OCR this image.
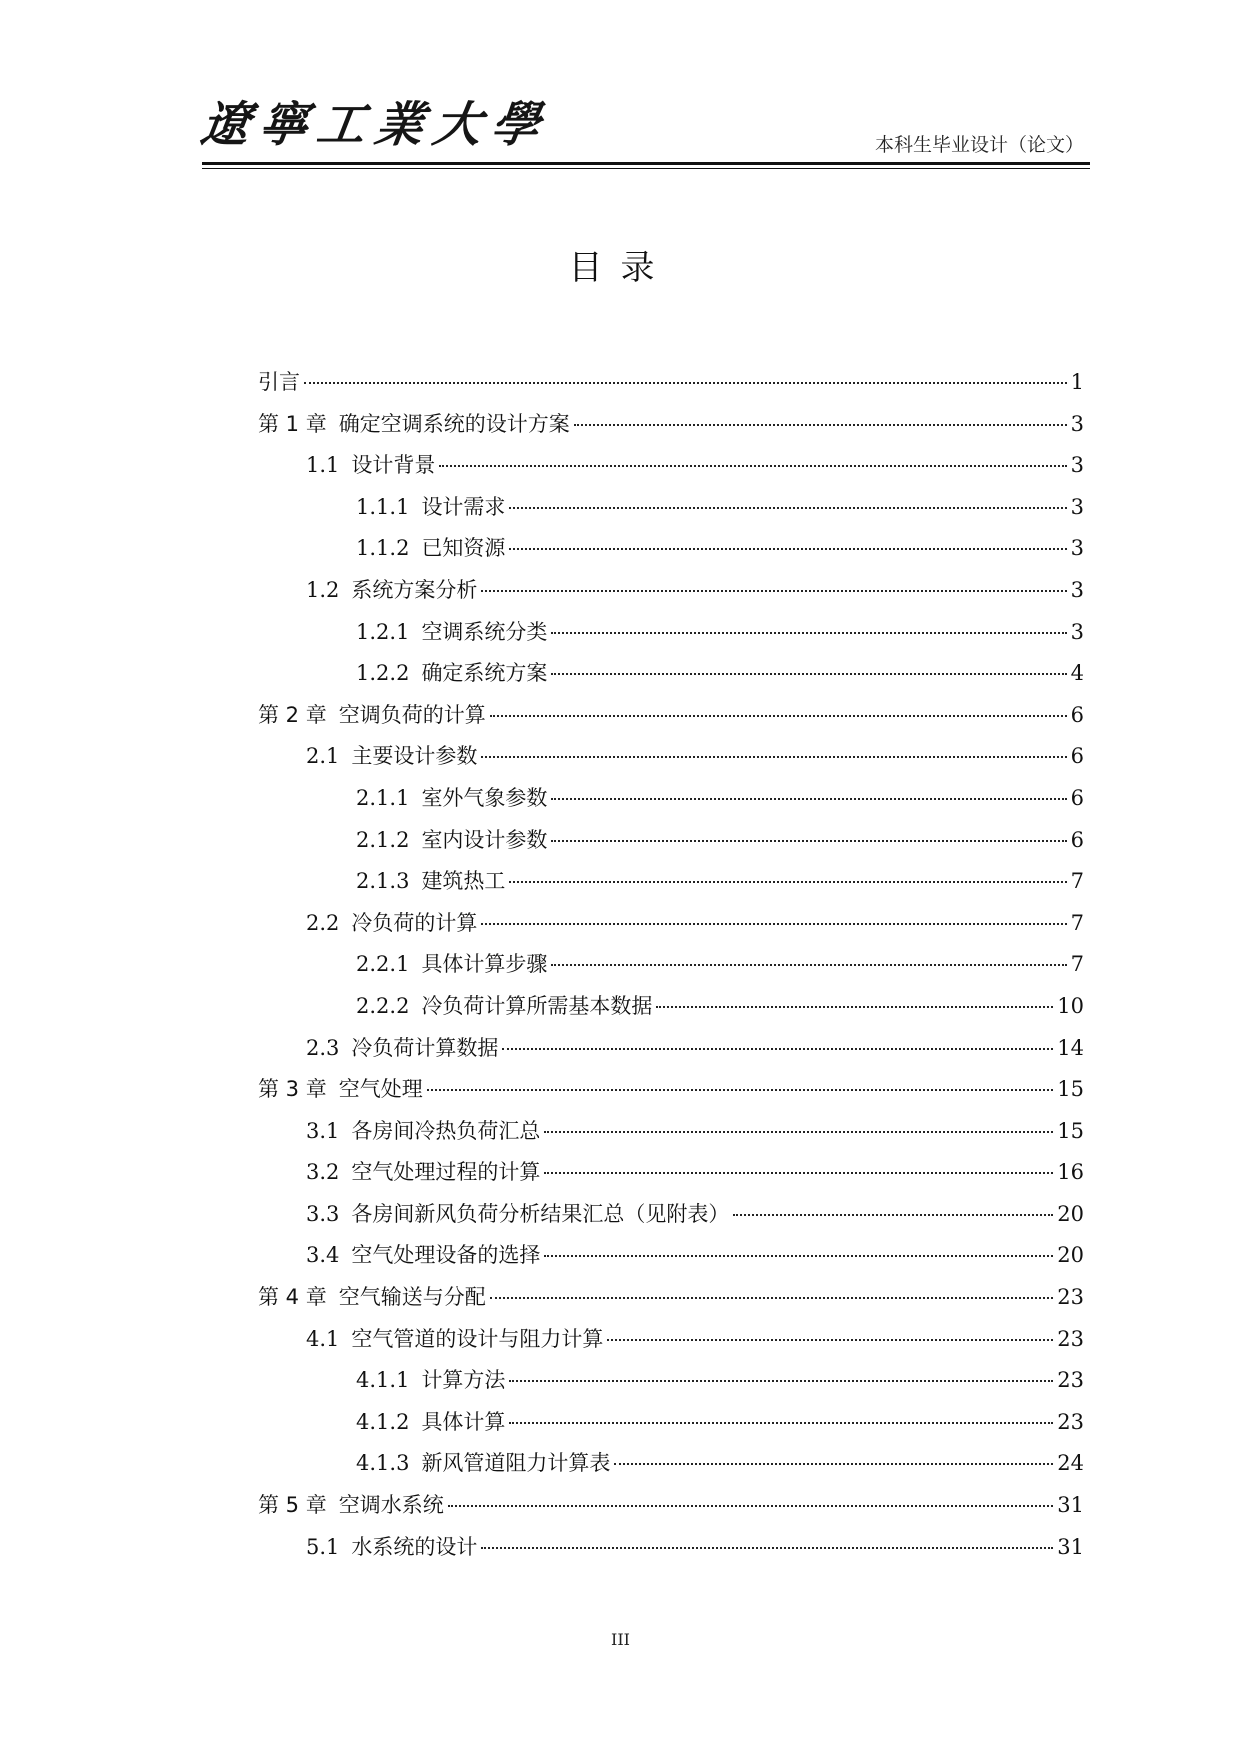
遼寧工業大學	本科生毕业设计（论文）
目录
引言	1
第 1 章 确定空调系统的设计方案	3
1.1 设计背景	3
1.1.1 设计需求	3
1.1.2 已知资源	3
1.2 系统方案分析	3
1.2.1 空调系统分类	3
1.2.2 确定系统方案	4
第 2 章 空调负荷的计算	6
2.1 主要设计参数	6
2.1.1 室外气象参数	6
2.1.2 室内设计参数	6
2.1.3 建筑热工	7
2.2 冷负荷的计算	7
2.2.1 具体计算步骤	7
2.2.2 冷负荷计算所需基本数据	10
2.3 冷负荷计算数据	14
第 3 章 空气处理	15
3.1 各房间冷热负荷汇总	15
3.2 空气处理过程的计算	16
3.3 各房间新风负荷分析结果汇总（见附表）	20
3.4 空气处理设备的选择	20
第 4 章 空气输送与分配	23
4.1 空气管道的设计与阻力计算	23
4.1.1 计算方法	23
4.1.2 具体计算	23
4.1.3 新风管道阻力计算表	24
第 5 章 空调水系统	31
5.1 水系统的设计	31
III
